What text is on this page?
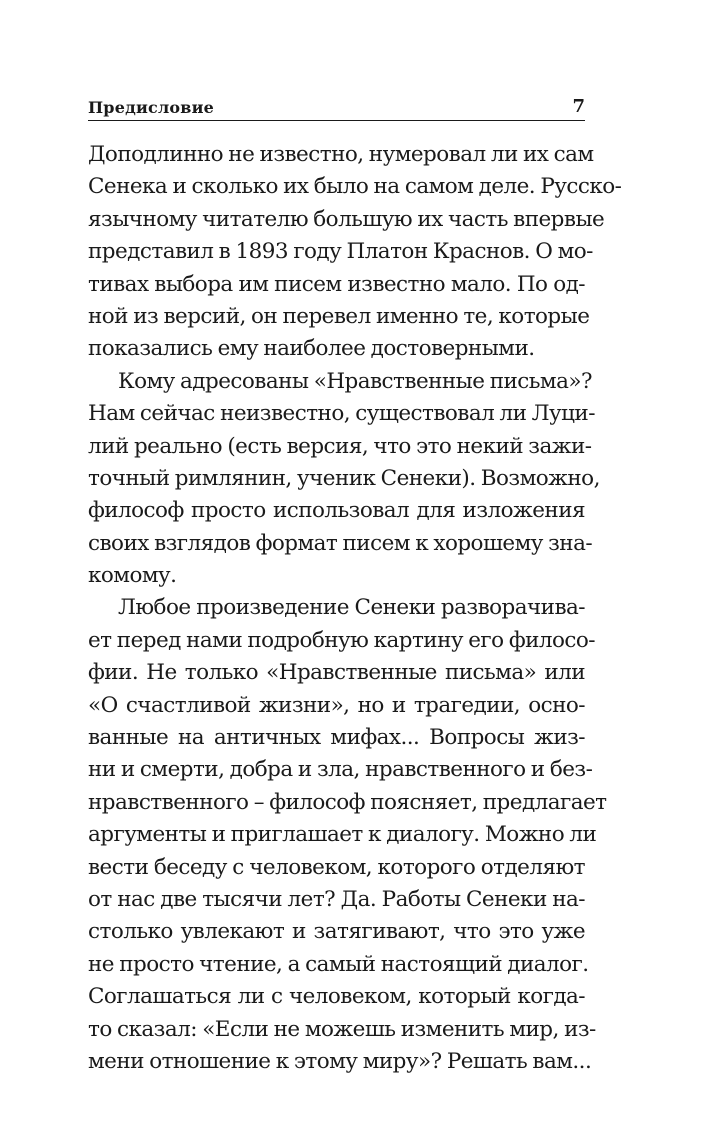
Предисловие	7
Доподлинно не известно, нумеровал ли их сам
Сенека и сколько их было на самом деле. Русско-
язычному читателю большую их часть впервые
представил в 1893 году Платон Краснов. О мо-
тивах выбора им писем известно мало. По од-
ной из версий, он перевел именно те, которые
показались ему наиболее достоверными.
Кому адресованы «Нравственные письма»?
Нам сейчас неизвестно, существовал ли Луци-
лий реально (есть версия, что это некий зажи-
точный римлянин, ученик Сенеки). Возможно,
философ просто использовал для изложения
своих взглядов формат писем к хорошему зна-
комому.
Любое произведение Сенеки разворачива-
ет перед нами подробную картину его филосо-
фии. Не только «Нравственные письма» или
«О счастливой жизни», но и трагедии, осно-
ванные на античных мифах... Вопросы жиз-
ни и смерти, добра и зла, нравственного и без-
нравственного – философ поясняет, предлагает
аргументы и приглашает к диалогу. Можно ли
вести беседу с человеком, которого отделяют
от нас две тысячи лет? Да. Работы Сенеки на-
столько увлекают и затягивают, что это уже
не просто чтение, а самый настоящий диалог.
Соглашаться ли с человеком, который когда-
то сказал: «Если не можешь изменить мир, из-
мени отношение к этому миру»? Решать вам...
